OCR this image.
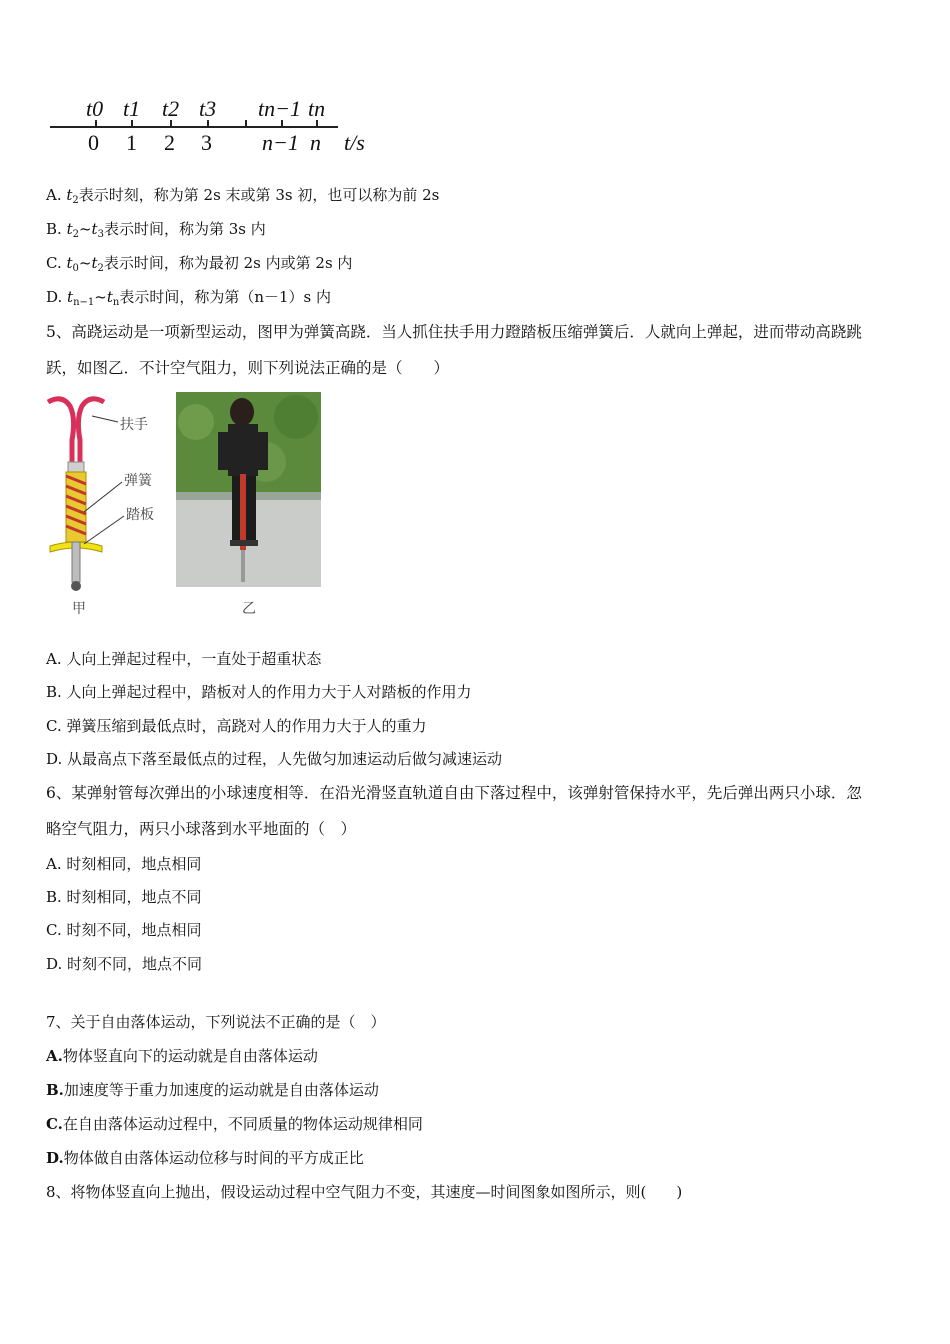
t0 t1 t2 t3 tn−1 tn
0 1 2 3 n−1 n t/s
A. $t_2$表示时刻，称为第 2s 末或第 3s 初，也可以称为前 2s
B. $t_2\sim t_3$表示时间，称为第 3s 内
C. $t_0\sim t_2$表示时间，称为最初 2s 内或第 2s 内
D. $t_{n-1}\sim t_n$表示时间，称为第（n－1）s 内
5、高跷运动是一项新型运动，图甲为弹簧高跷．当人抓住扶手用力蹬踏板压缩弹簧后．人就向上弹起，进而带动高跷跳
跃，如图乙．不计空气阻力，则下列说法正确的是（　　）
扶手
弹簧
踏板
甲	乙
A. 人向上弹起过程中，一直处于超重状态
B. 人向上弹起过程中，踏板对人的作用力大于人对踏板的作用力
C. 弹簧压缩到最低点时，高跷对人的作用力大于人的重力
D. 从最高点下落至最低点的过程，人先做匀加速运动后做匀减速运动
6、某弹射管每次弹出的小球速度相等．在沿光滑竖直轨道自由下落过程中，该弹射管保持水平，先后弹出两只小球．忽
略空气阻力，两只小球落到水平地面的（　）
A. 时刻相同，地点相同
B. 时刻相同，地点不同
C. 时刻不同，地点相同
D. 时刻不同，地点不同
7、关于自由落体运动，下列说法不正确的是（　）
A.物体竖直向下的运动就是自由落体运动
B.加速度等于重力加速度的运动就是自由落体运动
C.在自由落体运动过程中，不同质量的物体运动规律相同
D.物体做自由落体运动位移与时间的平方成正比
8、将物体竖直向上抛出，假设运动过程中空气阻力不变，其速度—时间图象如图所示，则(　　)
